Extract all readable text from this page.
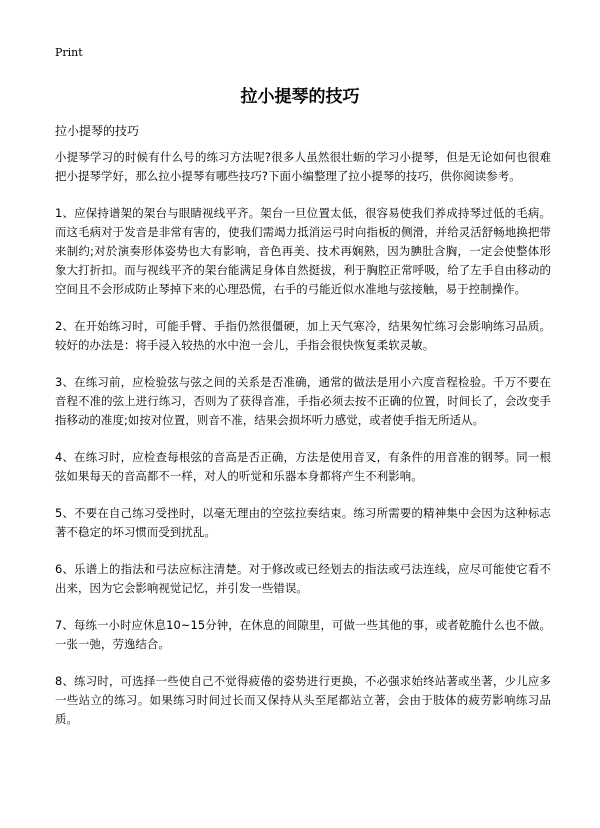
Print
拉小提琴的技巧
拉小提琴的技巧

小提琴学习的时候有什么号的练习方法呢?很多人虽然很壮蛎的学习小提琴，但是无论如何也很难把小提琴学好，那么拉小提琴有哪些技巧?下面小编整理了拉小提琴的技巧，供你阅读参考。

1、应保持谱架的架台与眼睛视线平齐。架台一旦位置太低，很容易使我们养成持琴过低的毛病。而这毛病对于发音是非常有害的，使我们需竭力抵消运弓时向指板的侧滑，并给灵活舒畅地换把带来制约;对於演奏形体姿势也大有影响，音色再美、技术再娴熟，因为腆肚含胸，一定会使整体形象大打折扣。而与视线平齐的架台能满足身体自然挺拔，利于胸腔正常呼吸，给了左手自由移动的空间且不会形成防止琴掉下来的心理恐慌，右手的弓能近似水准地与弦接触，易于控制操作。

2、在开始练习时，可能手臂、手指仍然很僵硬，加上天气寒冷，结果匆忙练习会影响练习品质。较好的办法是：将手浸入较热的水中泡一会儿，手指会很快恢复柔软灵敏。

3、在练习前，应检验弦与弦之间的关系是否准确，通常的做法是用小六度音程检验。千万不要在音程不准的弦上进行练习，否则为了获得音准，手指必须去按不正确的位置，时间长了，会改变手指移动的准度;如按对位置，则音不准，结果会损坏听力感觉，或者使手指无所适从。

4、在练习时，应检查每根弦的音高是否正确，方法是使用音叉，有条件的用音准的钢琴。同一根弦如果每天的音高都不一样，对人的听觉和乐器本身都将产生不利影响。

5、不要在自己练习受挫时，以毫无理由的空弦拉奏结束。练习所需要的精神集中会因为这种标志著不稳定的坏习惯而受到扰乱。

6、乐谱上的指法和弓法应标注清楚。对于修改或已经划去的指法或弓法连线，应尽可能使它看不出来，因为它会影响视觉记忆，并引发一些错误。

7、每练一小时应休息10~15分钟，在休息的间隙里，可做一些其他的事，或者乾脆什么也不做。一张一弛，劳逸结合。

8、练习时，可选择一些使自己不觉得疲倦的姿势进行更换，不必强求始终站著或坐著，少儿应多一些站立的练习。如果练习时间过长而又保持从头至尾都站立著，会由于肢体的疲劳影响练习品质。
